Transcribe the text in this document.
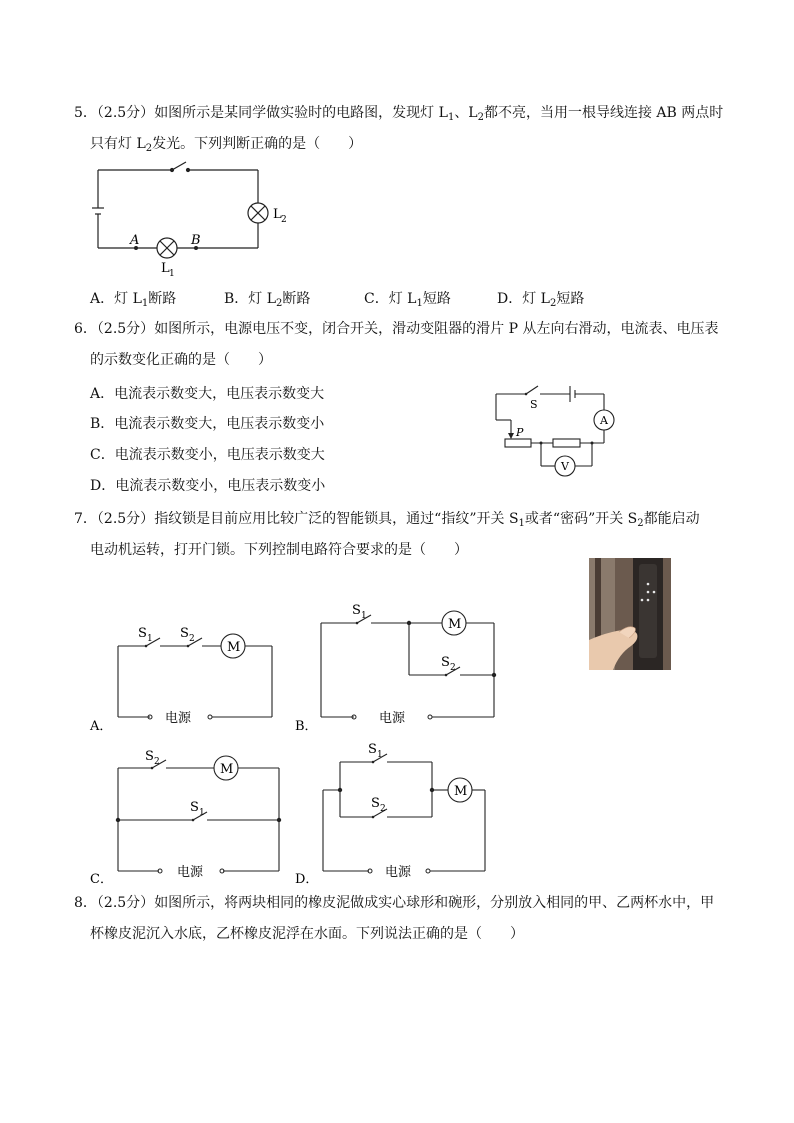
5．（2.5分）如图所示是某同学做实验时的电路图，发现灯 $L_1$、$L_2$都不亮，当用一根导线连接 AB 两点时
只有灯 $L_2$发光。下列判断正确的是（　　）
A	B
L 1
L 2
A．灯 $L_1$断路	B．灯 $L_2$断路	C．灯 $L_1$短路	D．灯 $L_2$短路
6．（2.5分）如图所示，电源电压不变，闭合开关，滑动变阻器的滑片 P 从左向右滑动，电流表、电压表
的示数变化正确的是（　　）
A．电流表示数变大，电压表示数变大
B．电流表示数变大，电压表示数变小
C．电流表示数变小，电压表示数变大
D．电流表示数变小，电压表示数变小
S
P
A
V
7．（2.5分）指纹锁是目前应用比较广泛的智能锁具，通过“指纹”开关 $S_1$或者“密码”开关 $S_2$都能启动
电动机运转，打开门锁。下列控制电路符合要求的是（　　）
S 1 S 2
M
电源
A．
S 1
S 2
M
电源
B．
S 2
S 1
M
电源
C．
S 1
S 2
M
电源
D．
8．（2.5分）如图所示，将两块相同的橡皮泥做成实心球形和碗形，分别放入相同的甲、乙两杯水中，甲
杯橡皮泥沉入水底，乙杯橡皮泥浮在水面。下列说法正确的是（　　）
